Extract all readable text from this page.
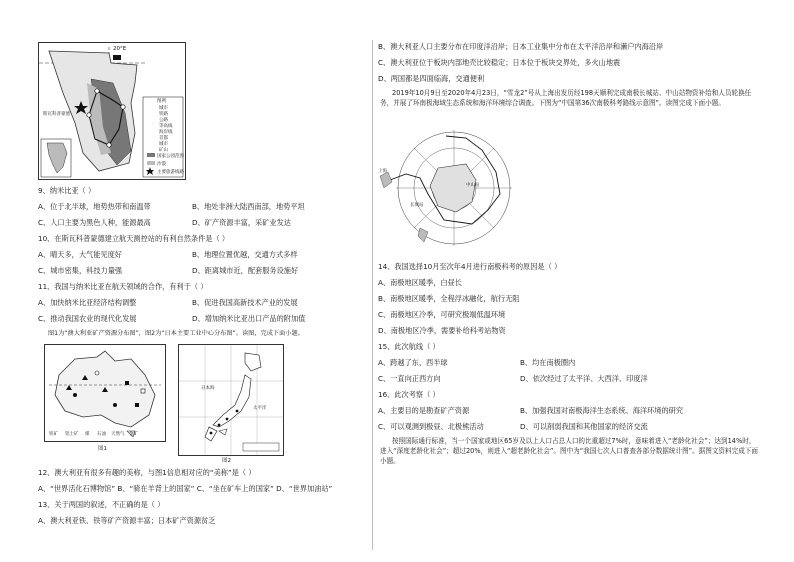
20°E
斯瓦科普蒙德
图例
城市
铁路
公路
等高线
海岸线
首都
城市
矿山
国家公园范围
沙漠
主要旅游线路
9、纳米比亚（ ）
A、位于北半球，地势热带和南温带	B、地处非洲大陆西南部，地势平坦
C、人口主要为黑色人种，能源最高	D、矿产资源丰富，采矿业发达
10、在斯瓦科普蒙德建立航天测控站的有利自然条件是（ ）
A、晴天多，大气能见度好	B、地理位置优越，交通方式多样
C、城市密集，科技力量强	D、距离城市近，配套服务设施好
11、我国与纳米比亚在航天领域的合作，有利于（ ）
A、加快纳米比亚经济结构调整	B、促进我国高新技术产业的发展
C、推动我国农业的现代化发展	D、增加纳米比亚出口产品的附加值
图1为“澳大利亚矿产资源分布图”，图2为“日本主要工业中心分布图”。读图，完成下面小题。
铁矿 铝土矿 煤 石油 天然气 金矿
图1
日本海
太平洋
图2
12、澳大利亚有很多有趣的美称，与图1信息相对应的“美称”是（ ）
A、“世界活化石博物馆” B、“骑在羊背上的国家” C、“坐在矿车上的国家” D、“世界加油站”
13、关于两国的叙述，不正确的是（ ）
A、澳大利亚铁、铁等矿产资源丰富；日本矿产资源贫乏
B、澳大利亚人口主要分布在印度洋沿岸；日本工业集中分布在太平洋沿岸和濑户内海沿岸
C、澳大利亚位于板块内部地壳比较稳定；日本位于板块交界处，多火山地震
D、两国都是四面临海，交通便利
2019年10月9日至2020年4月23日，“雪龙2”号从上海出发历经198天顺利完成南极长城站、中山站物资补给和人员轮换任务，并展了环南极海域生态系统和海洋环境综合调查。下图为“中国第36次南极科考路线示意图”。读图完成下面小题。
中山站
长城站
上海
14、我国选择10月至次年4月进行南极科考的原因是（ ）
A、南极地区暖季，白昼长
B、南极地区暖季，全程浮冰融化，航行无阻
C、南极地区冷季，可研究极端低温环境
D、南极地区冷季，需要补给科考站物资
15、此次航线（ ）
A、跨越了东、西半球	B、均在南极圈内
C、一直向正西方向	D、依次经过了太平洋、大西洋、印度洋
16、此次考察（ ）
A、主要目的是勘查矿产资源	B、加强我国对南极海洋生态系统、海洋环境的研究
C、可以观测到极昼、北极熊活动	D、可以削弱我国和其他国家的经济交流
按照国际通行标准，当一个国家或地区65岁及以上人口占总人口的比重超过7%时，意味着进入“老龄化社会”；达到14%时，进入“深度老龄化社会”；超过20%，则进入“超老龄化社会”。图中为“我国七次人口普查各部分数据统计图”。据图文资料完成下面小题。
